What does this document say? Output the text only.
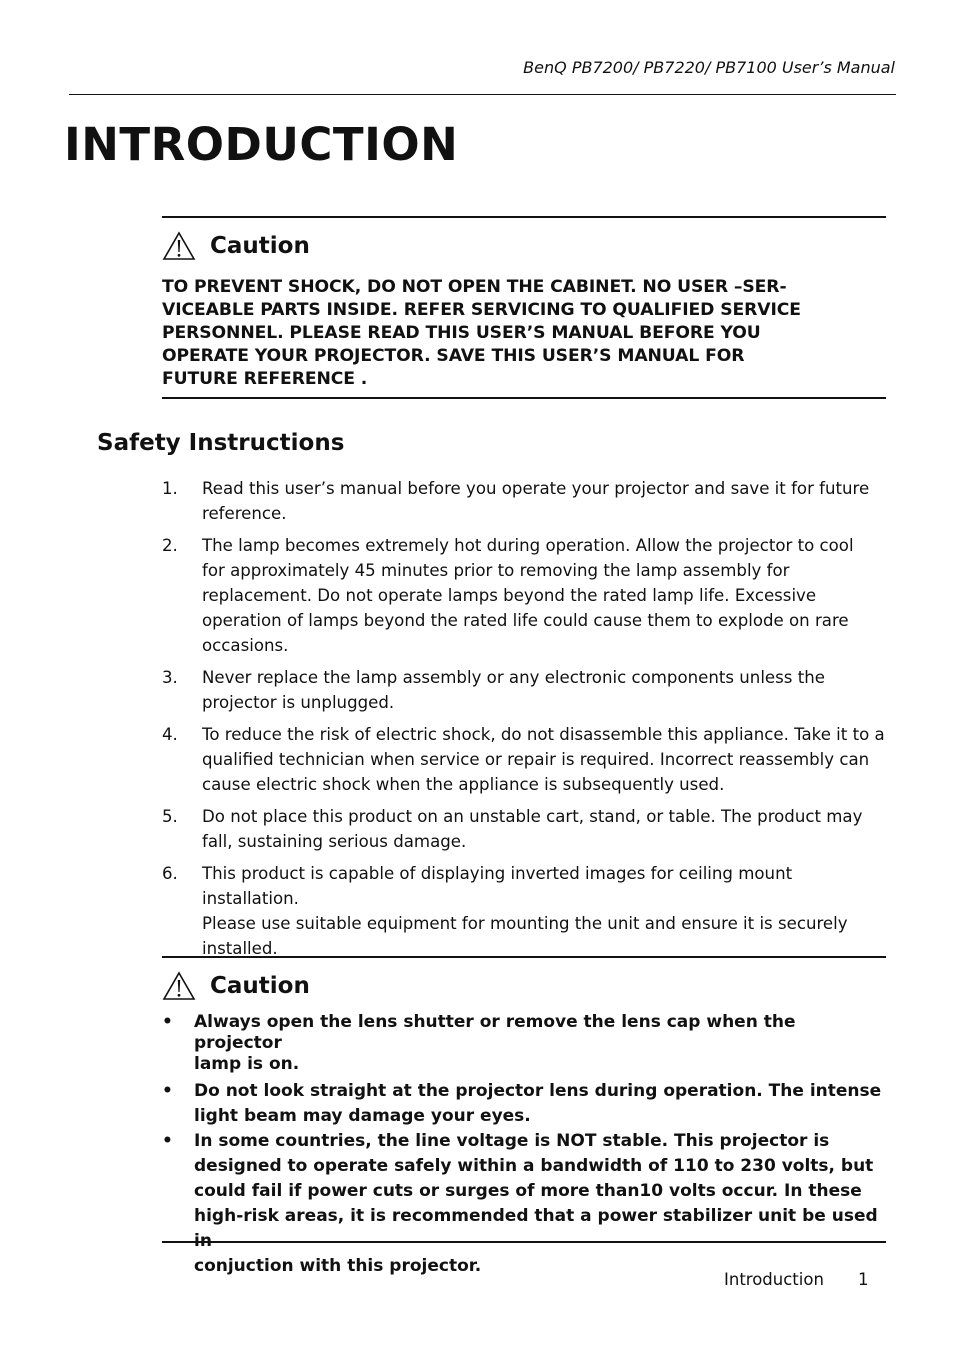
BenQ PB7200/ PB7220/ PB7100 User’s Manual
INTRODUCTION
Caution
TO PREVENT SHOCK, DO NOT OPEN THE CABINET. NO USER –SER-
VICEABLE PARTS INSIDE. REFER SERVICING TO QUALIFIED SERVICE
PERSONNEL. PLEASE READ THIS USER’S MANUAL BEFORE YOU
OPERATE YOUR PROJECTOR. SAVE THIS USER’S MANUAL FOR
FUTURE REFERENCE .
Safety Instructions
1.	Read this user’s manual before you operate your projector and save it for future
reference.
2.	The lamp becomes extremely hot during operation. Allow the projector to cool
for approximately 45 minutes prior to removing the lamp assembly for
replacement. Do not operate lamps beyond the rated lamp life. Excessive
operation of lamps beyond the rated life could cause them to explode on rare
occasions.
3.	Never replace the lamp assembly or any electronic components unless the
projector is unplugged.
4.	To reduce the risk of electric shock, do not disassemble this appliance. Take it to a
qualified technician when service or repair is required. Incorrect reassembly can
cause electric shock when the appliance is subsequently used.
5.	Do not place this product on an unstable cart, stand, or table. The product may
fall, sustaining serious damage.
6.	This product is capable of displaying inverted images for ceiling mount installation.
Please use suitable equipment for mounting the unit and ensure it is securely
installed.
Caution
•	Always open the lens shutter or remove the lens cap when the projector
lamp is on.
•	Do not look straight at the projector lens during operation. The intense
light beam may damage your eyes.
•	In some countries, the line voltage is NOT stable. This projector is
designed to operate safely within a bandwidth of 110 to 230 volts, but
could fail if power cuts or surges of more than10 volts occur. In these
high-risk areas, it is recommended that a power stabilizer unit be used in
conjuction with this projector.
Introduction 1
